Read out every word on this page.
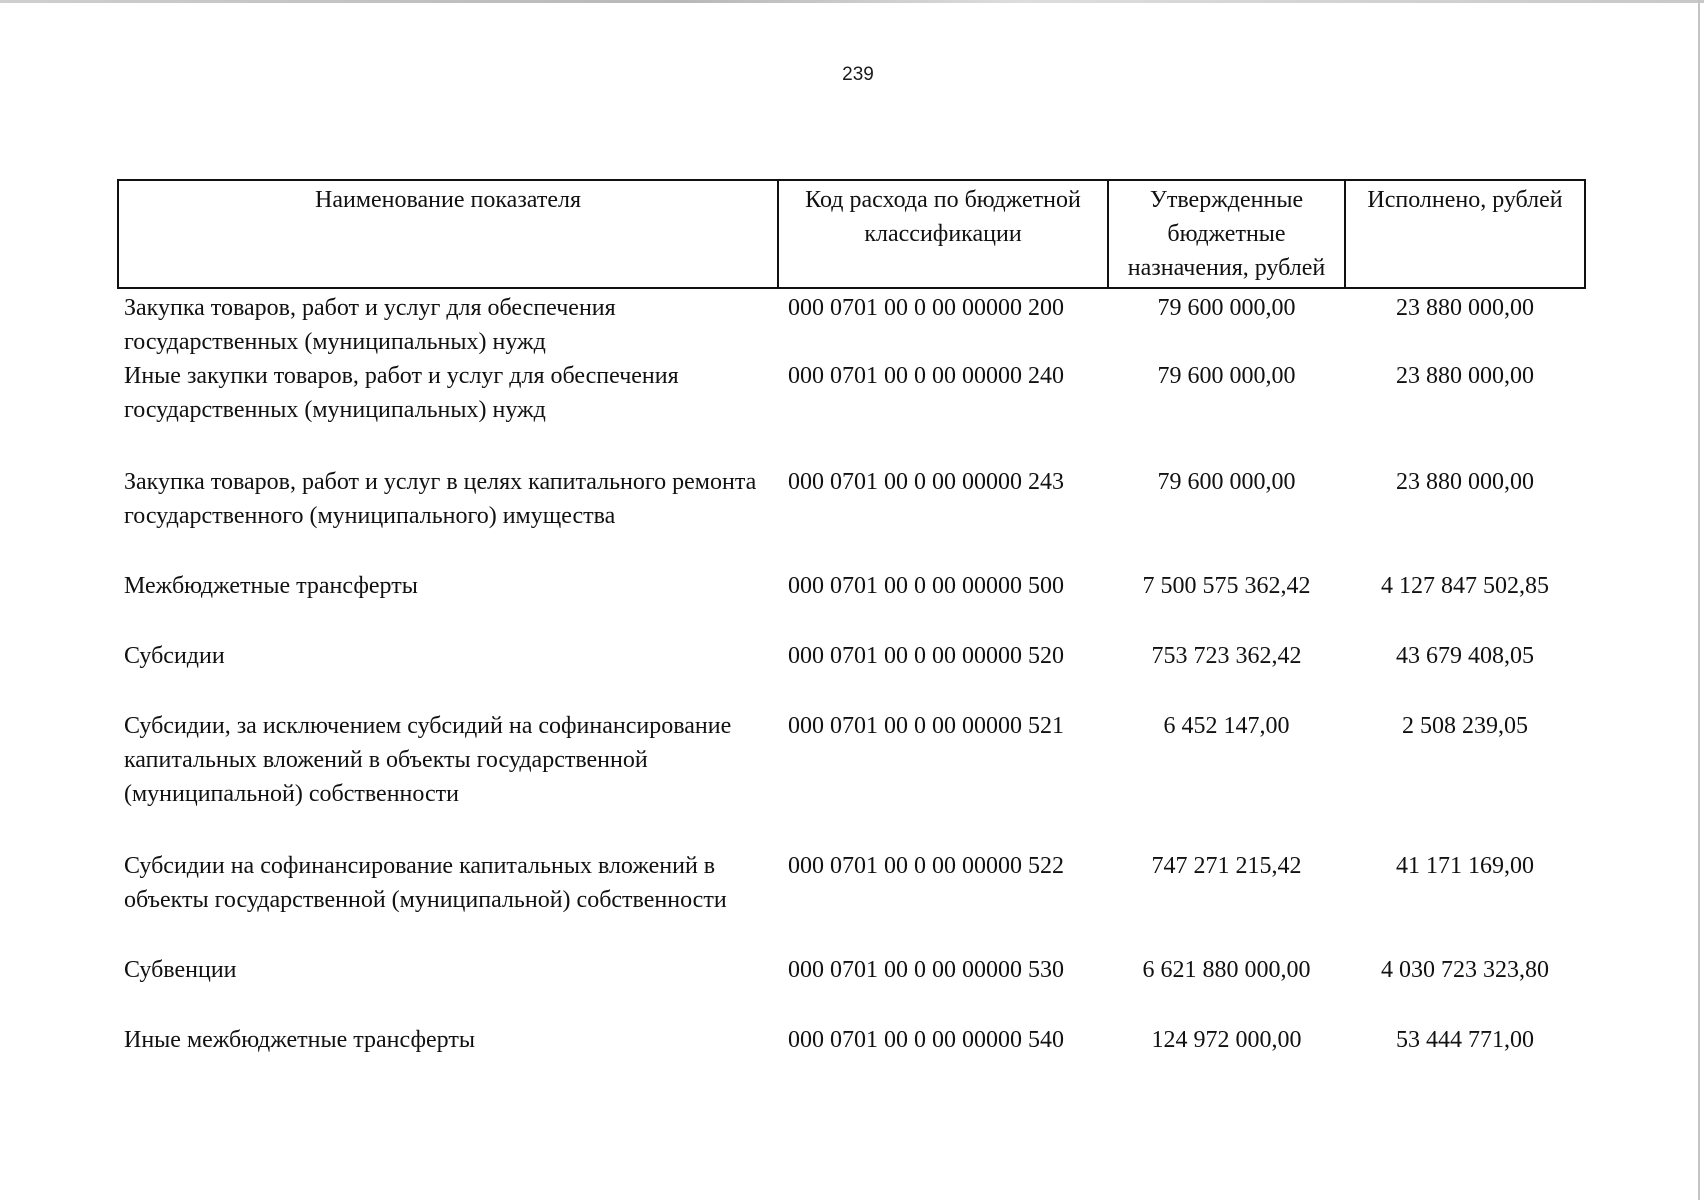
239
Наименование показателя	Код расхода по бюджетной классификации	Утвержденные бюджетные назначения, рублей	Исполнено, рублей
Закупка товаров, работ и услуг для обеспечения государственных (муниципальных) нужд	000 0701 00 0 00 00000 200	79 600 000,00	23 880 000,00
Иные закупки товаров, работ и услуг для обеспечения государственных (муниципальных) нужд	000 0701 00 0 00 00000 240	79 600 000,00	23 880 000,00
Закупка товаров, работ и услуг в целях капитального ремонта государственного (муниципального) имущества	000 0701 00 0 00 00000 243	79 600 000,00	23 880 000,00
Межбюджетные трансферты	000 0701 00 0 00 00000 500	7 500 575 362,42	4 127 847 502,85
Субсидии	000 0701 00 0 00 00000 520	753 723 362,42	43 679 408,05
Субсидии, за исключением субсидий на софинансирование капитальных вложений в объекты государственной (муниципальной) собственности	000 0701 00 0 00 00000 521	6 452 147,00	2 508 239,05
Субсидии на софинансирование капитальных вложений в объекты государственной (муниципальной) собственности	000 0701 00 0 00 00000 522	747 271 215,42	41 171 169,00
Субвенции	000 0701 00 0 00 00000 530	6 621 880 000,00	4 030 723 323,80
Иные межбюджетные трансферты	000 0701 00 0 00 00000 540	124 972 000,00	53 444 771,00
